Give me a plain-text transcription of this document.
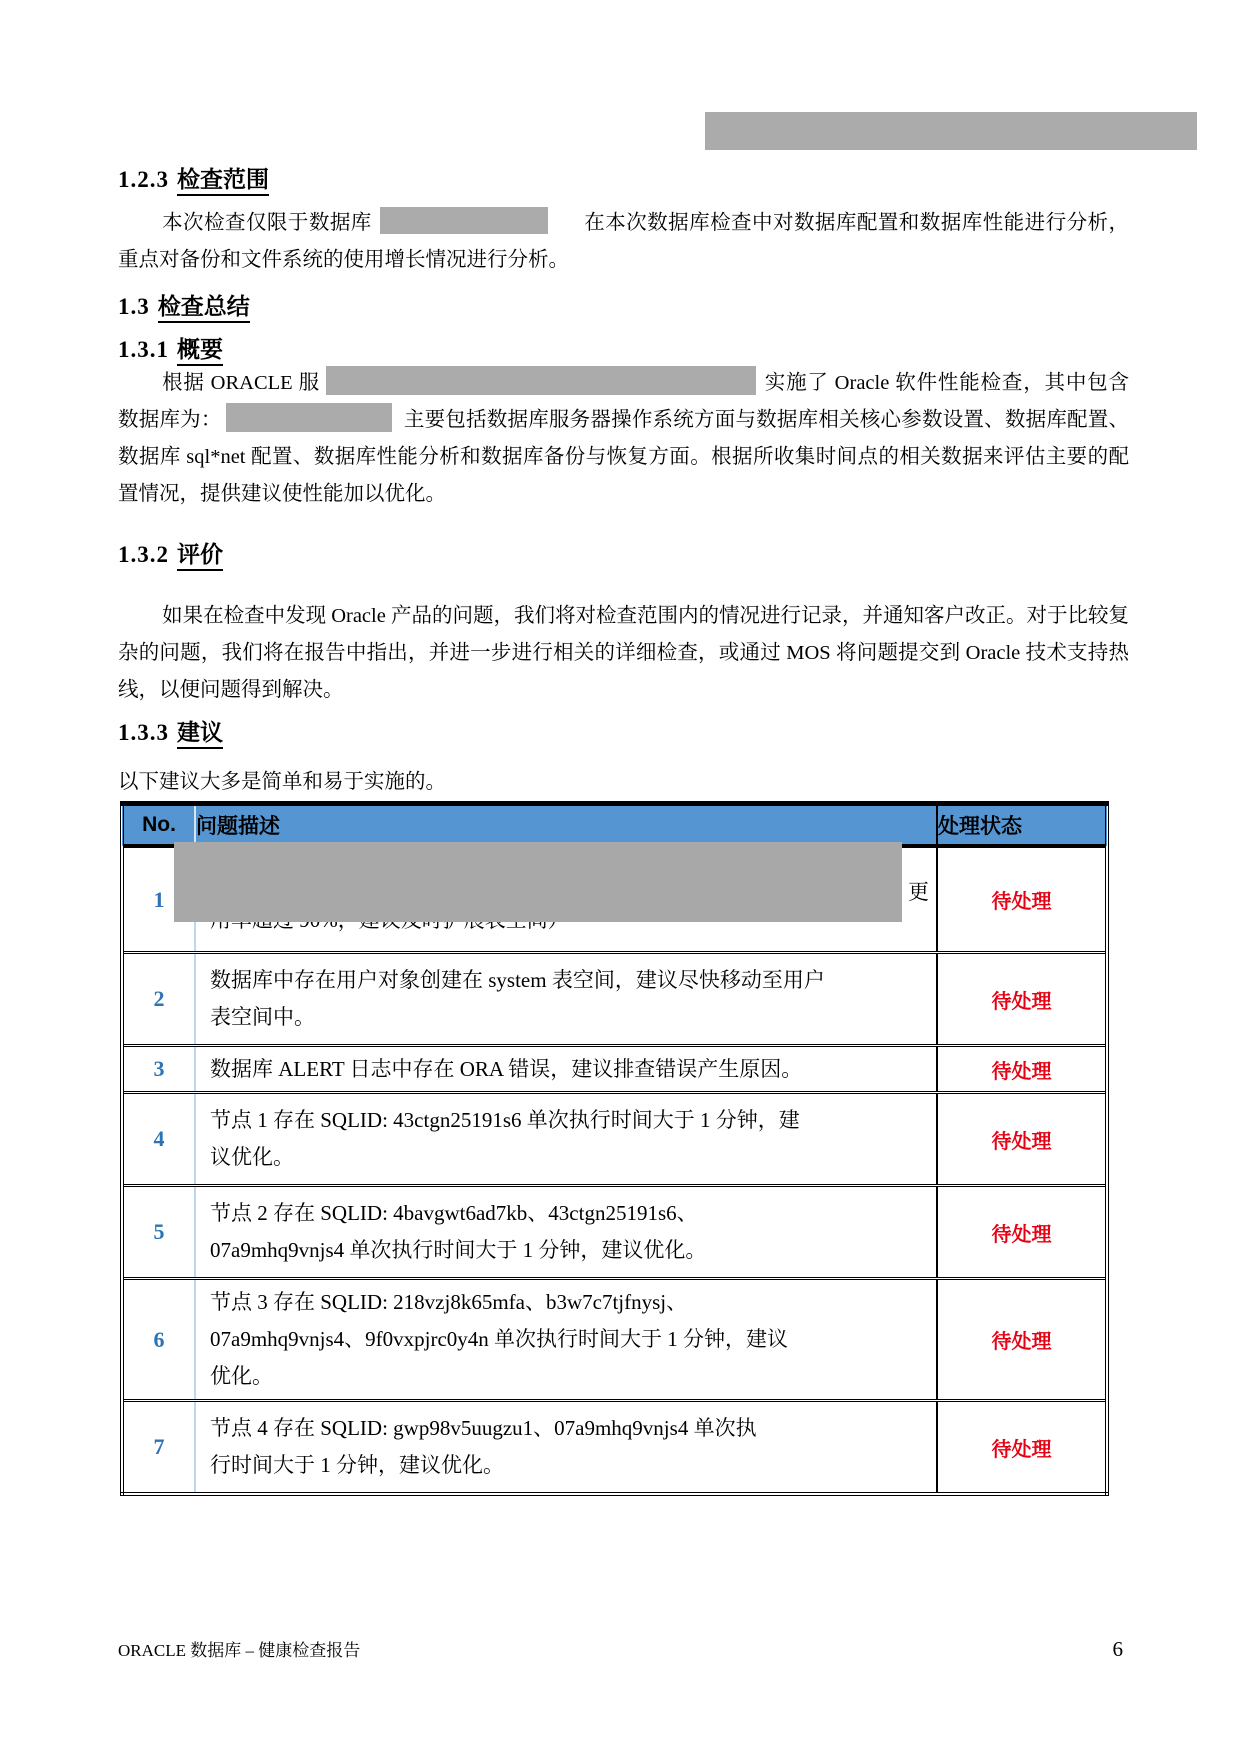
1.2.3 检查范围

本次检查仅限于数据库	在本次数据库检查中对数据库配置和数据库性能进行分析，重点对备份和文件系统的使用增长情况进行分析。

1.3 检查总结
1.3.1 概要

根据 ORACLE 服	实施了 Oracle 软件性能检查，其中包含数据库为：	主要包括数据库服务器操作系统方面与数据库相关核心参数设置、数据库配置、数据库 sql*net 配置、数据库性能分析和数据库备份与恢复方面。根据所收集时间点的相关数据来评估主要的配置情况，提供建议使性能加以优化。

1.3.2 评价

如果在检查中发现 Oracle 产品的问题，我们将对检查范围内的情况进行记录，并通知客户改正。对于比较复杂的问题，我们将在报告中指出，并进一步进行相关的详细检查，或通过 MOS 将问题提交到 Oracle 技术支持热线，以便问题得到解决。

1.3.3 建议

以下建议大多是简单和易于实施的。

No.	问题描述	处理状态
1	更	待处理
2	数据库中存在用户对象创建在 system 表空间，建议尽快移动至用户
表空间中。	待处理
3	数据库 ALERT 日志中存在 ORA 错误，建议排查错误产生原因。	待处理
4	节点 1 存在 SQLID: 43ctgn25191s6 单次执行时间大于 1 分钟，建
议优化。	待处理
5	节点 2 存在 SQLID: 4bavgwt6ad7kb、43ctgn25191s6、
07a9mhq9vnjs4 单次执行时间大于 1 分钟，建议优化。	待处理
6	节点 3 存在 SQLID: 218vzj8k65mfa、b3w7c7tjfnysj、
07a9mhq9vnjs4、9f0vxpjrc0y4n 单次执行时间大于 1 分钟，建议
优化。	待处理
7	节点 4 存在 SQLID: gwp98v5uugzu1、07a9mhq9vnjs4 单次执
行时间大于 1 分钟，建议优化。	待处理
ORACLE 数据库 – 健康检查报告	6
